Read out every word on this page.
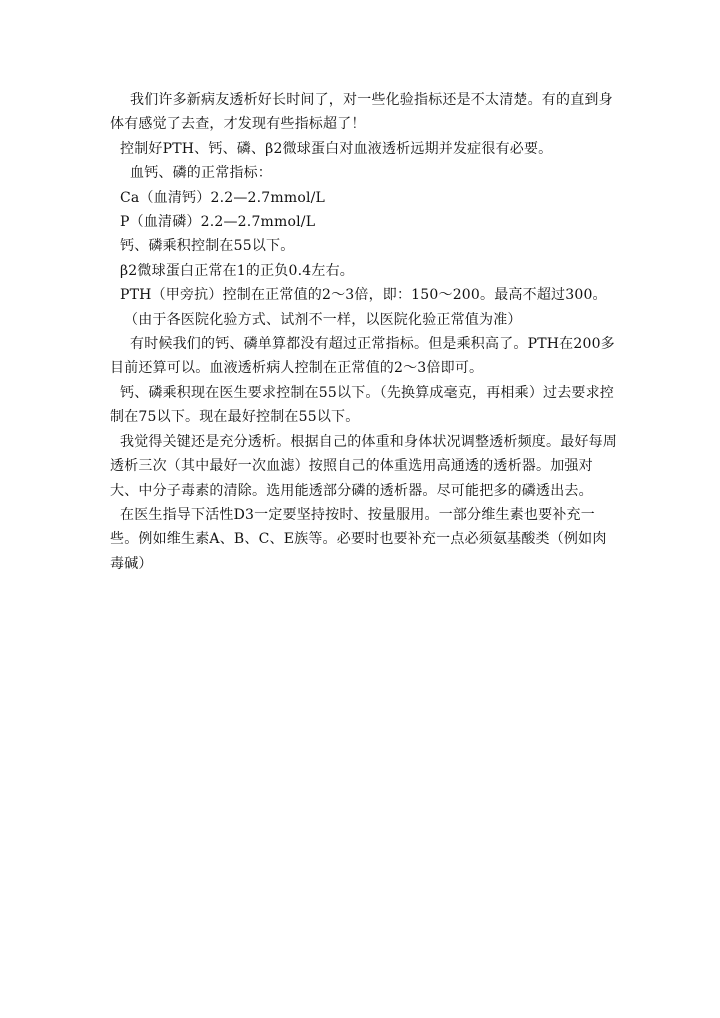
我们许多新病友透析好长时间了，对一些化验指标还是不太清楚。有的直到身体有感觉了去查，才发现有些指标超了！

控制好PTH、钙、磷、β2微球蛋白对血液透析远期并发症很有必要。

血钙、磷的正常指标：

Ca（血清钙）2.2—2.7mmol/L

P（血清磷）2.2—2.7mmol/L

钙、磷乘积控制在55以下。

β2微球蛋白正常在1的正负0.4左右。

PTH（甲旁抗）控制在正常值的2～3倍，即：150～200。最高不超过300。

（由于各医院化验方式、试剂不一样，以医院化验正常值为准）

有时候我们的钙、磷单算都没有超过正常指标。但是乘积高了。PTH在200多目前还算可以。血液透析病人控制在正常值的2～3倍即可。

钙、磷乘积现在医生要求控制在55以下。（先换算成毫克，再相乘）过去要求控制在75以下。现在最好控制在55以下。

我觉得关键还是充分透析。根据自己的体重和身体状况调整透析频度。最好每周透析三次（其中最好一次血滤）按照自己的体重选用高通透的透析器。加强对大、中分子毒素的清除。选用能透部分磷的透析器。尽可能把多的磷透出去。

在医生指导下活性D3一定要坚持按时、按量服用。一部分维生素也要补充一些。例如维生素A、B、C、E族等。必要时也要补充一点必须氨基酸类（例如肉毒碱）
